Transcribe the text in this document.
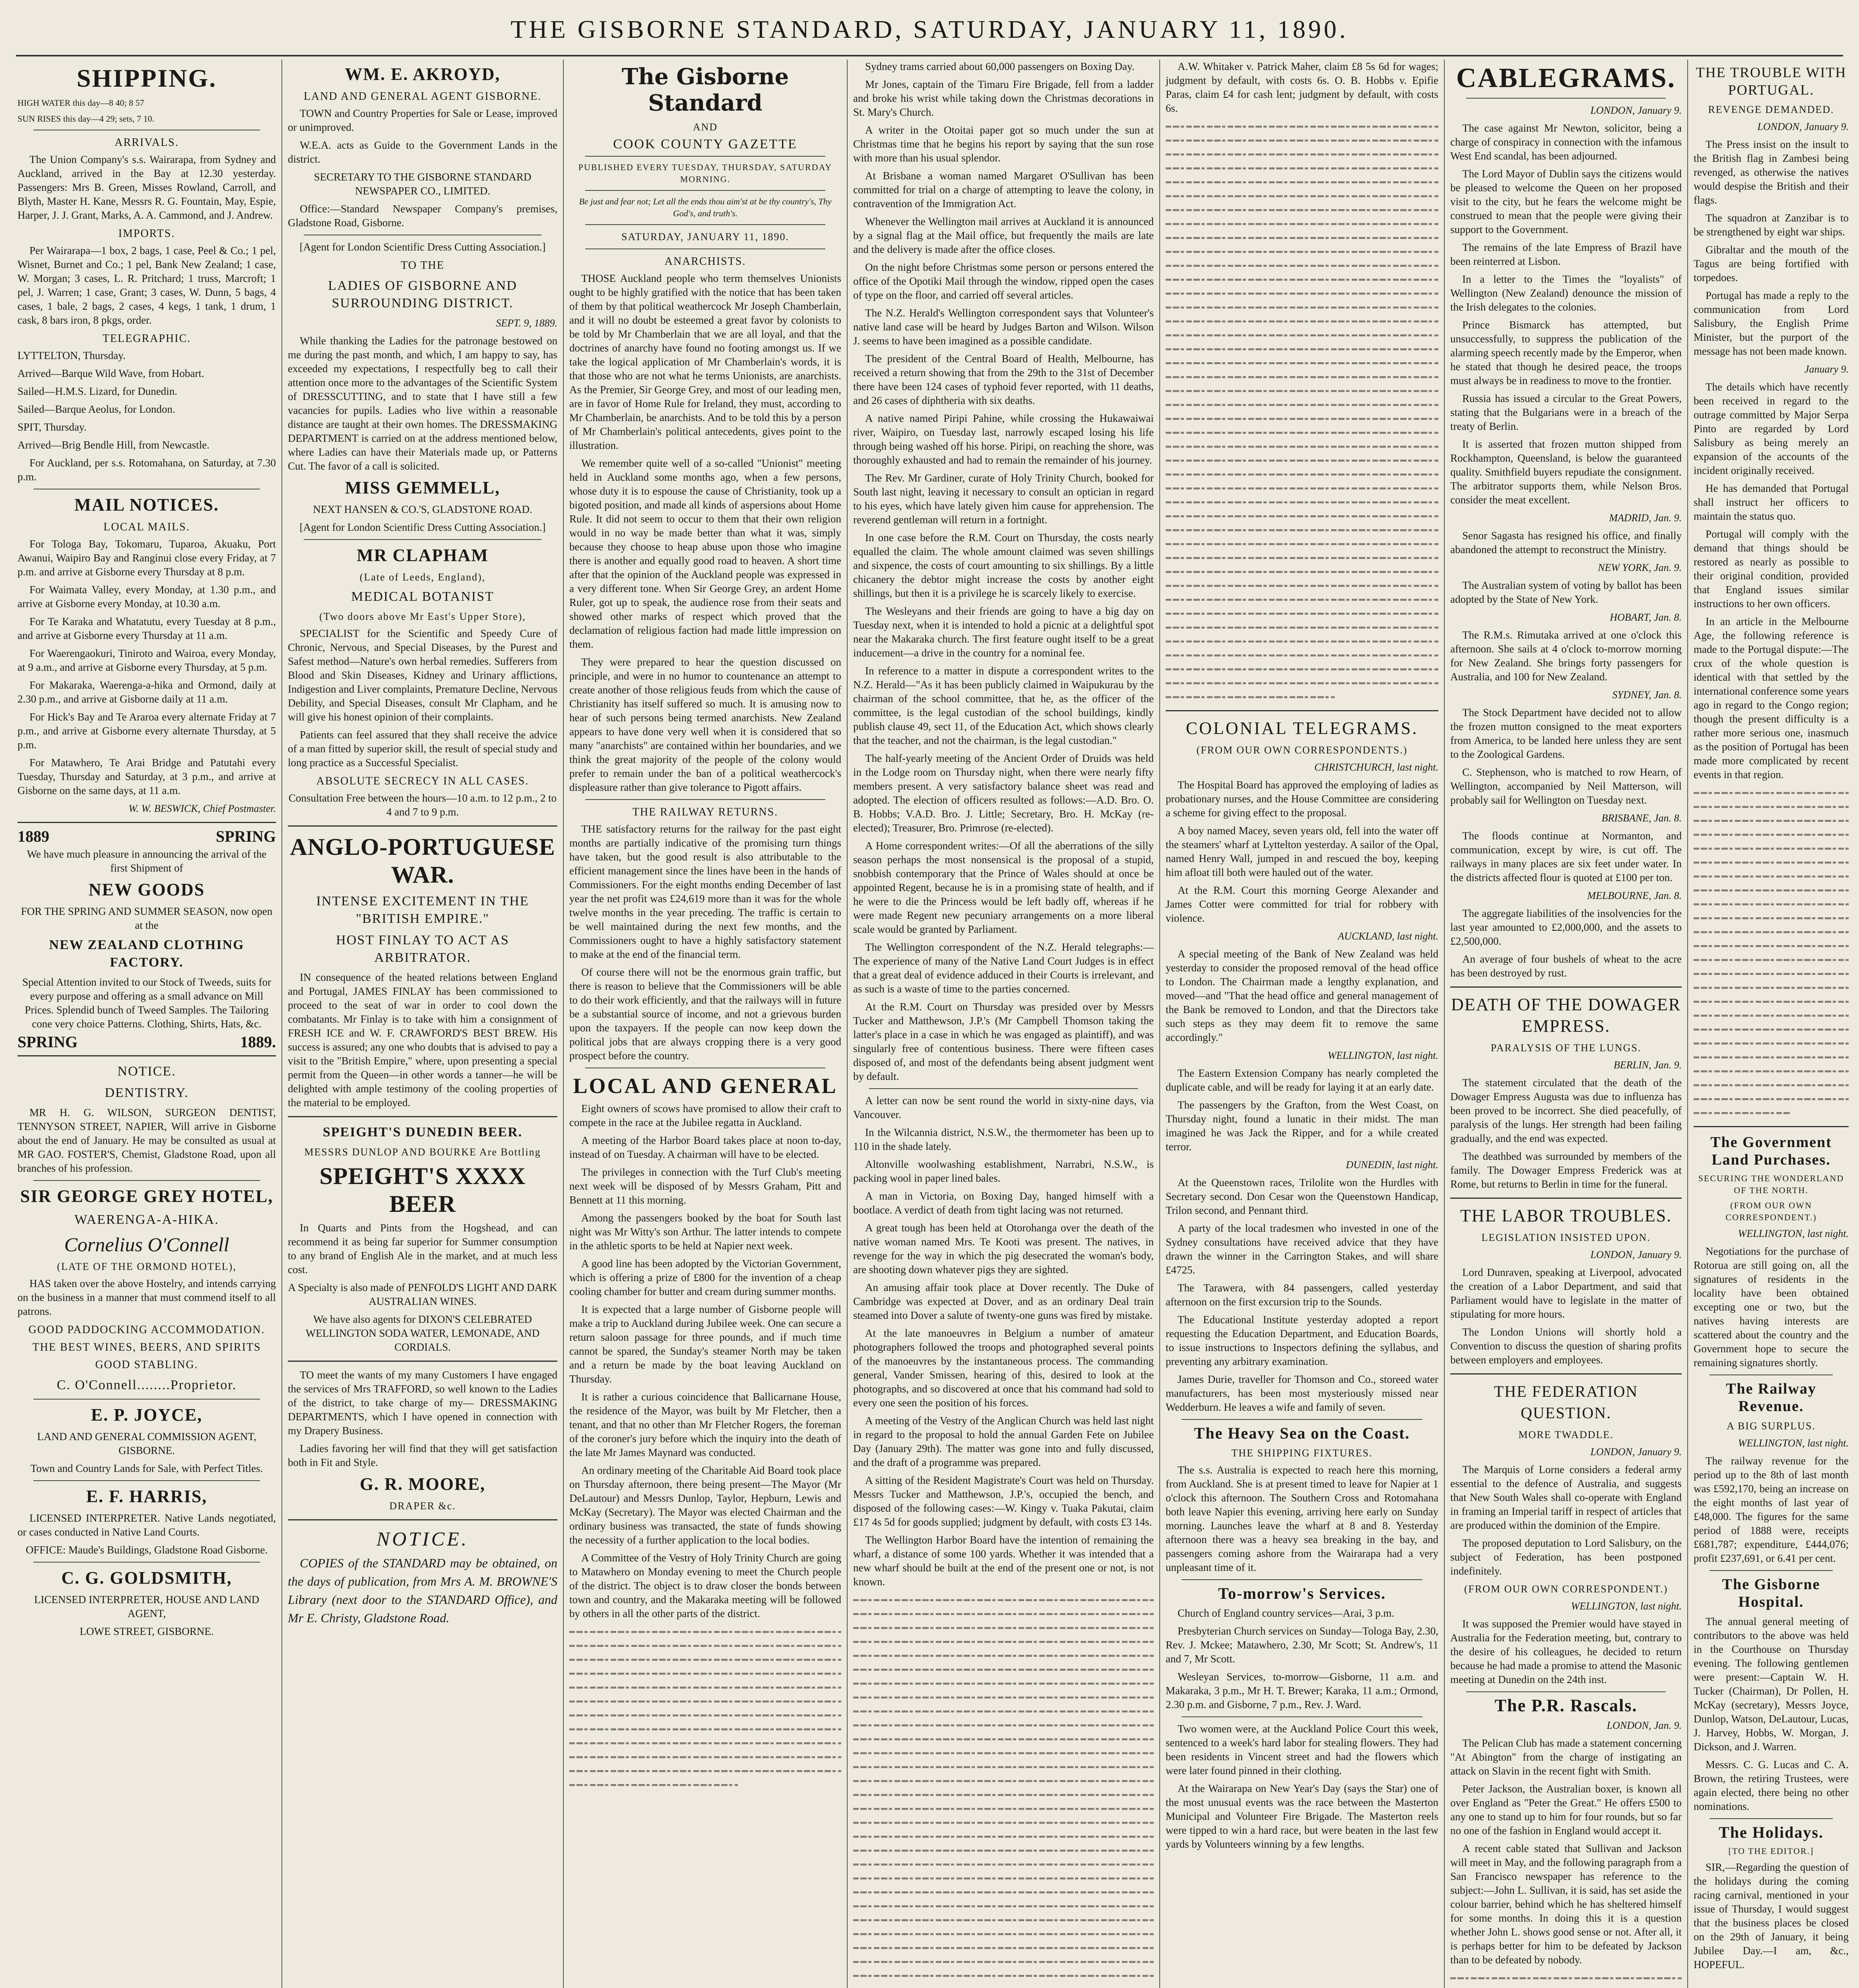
THE GISBORNE STANDARD, SATURDAY, JANUARY 11, 1890.
SHIPPING.

HIGH WATER this day—8 40; 8 57

SUN RISES this day—4 29; sets, 7 10.

ARRIVALS.

The Union Company's s.s. Wairarapa, from Sydney and Auckland, arrived in the Bay at 12.30 yesterday. Passengers: Mrs B. Green, Misses Rowland, Carroll, and Blyth, Master H. Kane, Messrs R. G. Fountain, May, Espie, Harper, J. J. Grant, Marks, A. A. Cammond, and J. Andrew.

IMPORTS.

Per Wairarapa—1 box, 2 bags, 1 case, Peel & Co.; 1 pel, Wisnet, Burnet and Co.; 1 pel, Bank New Zealand; 1 case, W. Morgan; 3 cases, L. R. Pritchard; 1 truss, Marcroft; 1 pel, J. Warren; 1 case, Grant; 3 cases, W. Dunn, 5 bags, 4 cases, 1 bale, 2 bags, 2 cases, 4 kegs, 1 tank, 1 drum, 1 cask, 8 bars iron, 8 pkgs, order.

TELEGRAPHIC.

LYTTELTON, Thursday.

Arrived—Barque Wild Wave, from Hobart.

Sailed—H.M.S. Lizard, for Dunedin.

Sailed—Barque Aeolus, for London.

SPIT, Thursday.

Arrived—Brig Bendle Hill, from Newcastle.

For Auckland, per s.s. Rotomahana, on Saturday, at 7.30 p.m.

MAIL NOTICES.
LOCAL MAILS.

For Tologa Bay, Tokomaru, Tuparoa, Akuaku, Port Awanui, Waipiro Bay and Ranginui close every Friday, at 7 p.m. and arrive at Gisborne every Thursday at 8 p.m.

For Waimata Valley, every Monday, at 1.30 p.m., and arrive at Gisborne every Monday, at 10.30 a.m.

For Te Karaka and Whatatutu, every Tuesday at 8 p.m., and arrive at Gisborne every Thursday at 11 a.m.

For Waerengaokuri, Tiniroto and Wairoa, every Monday, at 9 a.m., and arrive at Gisborne every Thursday, at 5 p.m.

For Makaraka, Waerenga-a-hika and Ormond, daily at 2.30 p.m., and arrive at Gisborne daily at 11 a.m.

For Hick's Bay and Te Araroa every alternate Friday at 7 p.m., and arrive at Gisborne every alternate Thursday, at 5 p.m.

For Matawhero, Te Arai Bridge and Patutahi every Tuesday, Thursday and Saturday, at 3 p.m., and arrive at Gisborne on the same days, at 11 a.m.

W. W. BESWICK, Chief Postmaster.

1889	SPRING

We have much pleasure in announcing the arrival of the first Shipment of

NEW GOODS

FOR THE SPRING AND SUMMER SEASON, now open at the

NEW ZEALAND CLOTHING FACTORY.

Special Attention invited to our Stock of Tweeds, suits for every purpose and offering as a small advance on Mill Prices. Splendid bunch of Tweed Samples. The Tailoring cone very choice Patterns. Clothing, Shirts, Hats, &c.

SPRING	1889.
NOTICE.
DENTISTRY.

MR H. G. WILSON, SURGEON DENTIST, TENNYSON STREET, NAPIER, Will arrive in Gisborne about the end of January. He may be consulted as usual at MR GAO. FOSTER'S, Chemist, Gladstone Road, upon all branches of his profession.

SIR GEORGE GREY HOTEL,
WAERENGA-A-HIKA.
Cornelius O'Connell
(LATE OF THE ORMOND HOTEL),

HAS taken over the above Hostelry, and intends carrying on the business in a manner that must commend itself to all patrons.

GOOD PADDOCKING ACCOMMODATION.
THE BEST WINES, BEERS, AND SPIRITS
GOOD STABLING.
C. O'Connell........Proprietor.
E. P. JOYCE,

LAND AND GENERAL COMMISSION AGENT, GISBORNE.

Town and Country Lands for Sale, with Perfect Titles.

E. F. HARRIS,

LICENSED INTERPRETER. Native Lands negotiated, or cases conducted in Native Land Courts.

OFFICE: Maude's Buildings, Gladstone Road Gisborne.

C. G. GOLDSMITH,

LICENSED INTERPRETER, HOUSE AND LAND AGENT,

LOWE STREET, GISBORNE.

WM. E. AKROYD,
LAND AND GENERAL AGENT GISBORNE.

TOWN and Country Properties for Sale or Lease, improved or unimproved.

W.E.A. acts as Guide to the Government Lands in the district.

SECRETARY TO THE GISBORNE STANDARD NEWSPAPER CO., LIMITED.

Office:—Standard Newspaper Company's premises, Gladstone Road, Gisborne.

[Agent for London Scientific Dress Cutting Association.]

TO THE
LADIES OF GISBORNE AND SURROUNDING DISTRICT.

SEPT. 9, 1889.

While thanking the Ladies for the patronage bestowed on me during the past month, and which, I am happy to say, has exceeded my expectations, I respectfully beg to call their attention once more to the advantages of the Scientific System of DRESSCUTTING, and to state that I have still a few vacancies for pupils. Ladies who live within a reasonable distance are taught at their own homes. The DRESSMAKING DEPARTMENT is carried on at the address mentioned below, where Ladies can have their Materials made up, or Patterns Cut. The favor of a call is solicited.

MISS GEMMELL,

NEXT HANSEN & CO.'S, GLADSTONE ROAD.

[Agent for London Scientific Dress Cutting Association.]

MR CLAPHAM
(Late of Leeds, England),
MEDICAL BOTANIST
(Two doors above Mr East's Upper Store),

SPECIALIST for the Scientific and Speedy Cure of Chronic, Nervous, and Special Diseases, by the Purest and Safest method—Nature's own herbal remedies. Sufferers from Blood and Skin Diseases, Kidney and Urinary afflictions, Indigestion and Liver complaints, Premature Decline, Nervous Debility, and Special Diseases, consult Mr Clapham, and he will give his honest opinion of their complaints.

Patients can feel assured that they shall receive the advice of a man fitted by superior skill, the result of special study and long practice as a Successful Specialist.

ABSOLUTE SECRECY IN ALL CASES.

Consultation Free between the hours—10 a.m. to 12 p.m., 2 to 4 and 7 to 9 p.m.

ANGLO-PORTUGUESE WAR.
INTENSE EXCITEMENT IN THE "BRITISH EMPIRE."
HOST FINLAY TO ACT AS ARBITRATOR.

IN consequence of the heated relations between England and Portugal, JAMES FINLAY has been commissioned to proceed to the seat of war in order to cool down the combatants. Mr Finlay is to take with him a consignment of FRESH ICE and W. F. CRAWFORD'S BEST BREW. His success is assured; any one who doubts that is advised to pay a visit to the "British Empire," where, upon presenting a special permit from the Queen—in other words a tanner—he will be delighted with ample testimony of the cooling properties of the material to be employed.

SPEIGHT'S DUNEDIN BEER.
MESSRS DUNLOP AND BOURKE Are Bottling
SPEIGHT'S XXXX BEER

In Quarts and Pints from the Hogshead, and can recommend it as being far superior for Summer consumption to any brand of English Ale in the market, and at much less cost.

A Specialty is also made of PENFOLD'S LIGHT AND DARK AUSTRALIAN WINES.

We have also agents for DIXON'S CELEBRATED WELLINGTON SODA WATER, LEMONADE, AND CORDIALS.

TO meet the wants of my many Customers I have engaged the services of Mrs TRAFFORD, so well known to the Ladies of the district, to take charge of my— DRESSMAKING DEPARTMENTS, which I have opened in connection with my Drapery Business.

Ladies favoring her will find that they will get satisfaction both in Fit and Style.

G. R. MOORE,
DRAPER &c.
NOTICE.

COPIES of the STANDARD may be obtained, on the days of publication, from Mrs A. M. BROWNE'S Library (next door to the STANDARD Office), and Mr E. Christy, Gladstone Road.

The Gisborne Standard
AND
COOK COUNTY GAZETTE
PUBLISHED EVERY TUESDAY, THURSDAY, SATURDAY MORNING.

Be just and fear not; Let all the ends thou aim'st at be thy country's, Thy God's, and truth's.

SATURDAY, JANUARY 11, 1890.
ANARCHISTS.

THOSE Auckland people who term themselves Unionists ought to be highly gratified with the notice that has been taken of them by that political weathercock Mr Joseph Chamberlain, and it will no doubt be esteemed a great favor by colonists to be told by Mr Chamberlain that we are all loyal, and that the doctrines of anarchy have found no footing amongst us. If we take the logical application of Mr Chamberlain's words, it is that those who are not what he terms Unionists, are anarchists. As the Premier, Sir George Grey, and most of our leading men, are in favor of Home Rule for Ireland, they must, according to Mr Chamberlain, be anarchists. And to be told this by a person of Mr Chamberlain's political antecedents, gives point to the illustration.

We remember quite well of a so-called "Unionist" meeting held in Auckland some months ago, when a few persons, whose duty it is to espouse the cause of Christianity, took up a bigoted position, and made all kinds of aspersions about Home Rule. It did not seem to occur to them that their own religion would in no way be made better than what it was, simply because they choose to heap abuse upon those who imagine there is another and equally good road to heaven. A short time after that the opinion of the Auckland people was expressed in a very different tone. When Sir George Grey, an ardent Home Ruler, got up to speak, the audience rose from their seats and showed other marks of respect which proved that the declamation of religious faction had made little impression on them.

They were prepared to hear the question discussed on principle, and were in no humor to countenance an attempt to create another of those religious feuds from which the cause of Christianity has itself suffered so much. It is amusing now to hear of such persons being termed anarchists. New Zealand appears to have done very well when it is considered that so many "anarchists" are contained within her boundaries, and we think the great majority of the people of the colony would prefer to remain under the ban of a political weathercock's displeasure rather than give tolerance to Pigott affairs.

THE RAILWAY RETURNS.

THE satisfactory returns for the railway for the past eight months are partially indicative of the promising turn things have taken, but the good result is also attributable to the efficient management since the lines have been in the hands of Commissioners. For the eight months ending December of last year the net profit was £24,619 more than it was for the whole twelve months in the year preceding. The traffic is certain to be well maintained during the next few months, and the Commissioners ought to have a highly satisfactory statement to make at the end of the financial term.

Of course there will not be the enormous grain traffic, but there is reason to believe that the Commissioners will be able to do their work efficiently, and that the railways will in future be a substantial source of income, and not a grievous burden upon the taxpayers. If the people can now keep down the political jobs that are always cropping there is a very good prospect before the country.

LOCAL AND GENERAL

Eight owners of scows have promised to allow their craft to compete in the race at the Jubilee regatta in Auckland.

A meeting of the Harbor Board takes place at noon to-day, instead of on Tuesday. A chairman will have to be elected.

The privileges in connection with the Turf Club's meeting next week will be disposed of by Messrs Graham, Pitt and Bennett at 11 this morning.

Among the passengers booked by the boat for South last night was Mr Witty's son Arthur. The latter intends to compete in the athletic sports to be held at Napier next week.

A good line has been adopted by the Victorian Government, which is offering a prize of £800 for the invention of a cheap cooling chamber for butter and cream during summer months.

It is expected that a large number of Gisborne people will make a trip to Auckland during Jubilee week. One can secure a return saloon passage for three pounds, and if much time cannot be spared, the Sunday's steamer North may be taken and a return be made by the boat leaving Auckland on Thursday.

It is rather a curious coincidence that Ballicarnane House, the residence of the Mayor, was built by Mr Fletcher, then a tenant, and that no other than Mr Fletcher Rogers, the foreman of the coroner's jury before which the inquiry into the death of the late Mr James Maynard was conducted.

An ordinary meeting of the Charitable Aid Board took place on Thursday afternoon, there being present—The Mayor (Mr DeLautour) and Messrs Dunlop, Taylor, Hepburn, Lewis and McKay (Secretary). The Mayor was elected Chairman and the ordinary business was transacted, the state of funds showing the necessity of a further application to the local bodies.

A Committee of the Vestry of Holy Trinity Church are going to Matawhero on Monday evening to meet the Church people of the district. The object is to draw closer the bonds between town and country, and the Makaraka meeting will be followed by others in all the other parts of the district.

Sydney trams carried about 60,000 passengers on Boxing Day.

Mr Jones, captain of the Timaru Fire Brigade, fell from a ladder and broke his wrist while taking down the Christmas decorations in St. Mary's Church.

A writer in the Otoitai paper got so much under the sun at Christmas time that he begins his report by saying that the sun rose with more than his usual splendor.

At Brisbane a woman named Margaret O'Sullivan has been committed for trial on a charge of attempting to leave the colony, in contravention of the Immigration Act.

Whenever the Wellington mail arrives at Auckland it is announced by a signal flag at the Mail office, but frequently the mails are late and the delivery is made after the office closes.

On the night before Christmas some person or persons entered the office of the Opotiki Mail through the window, ripped open the cases of type on the floor, and carried off several articles.

The N.Z. Herald's Wellington correspondent says that Volunteer's native land case will be heard by Judges Barton and Wilson. Wilson J. seems to have been imagined as a possible candidate.

The president of the Central Board of Health, Melbourne, has received a return showing that from the 29th to the 31st of December there have been 124 cases of typhoid fever reported, with 11 deaths, and 26 cases of diphtheria with six deaths.

A native named Piripi Pahine, while crossing the Hukawaiwai river, Waipiro, on Tuesday last, narrowly escaped losing his life through being washed off his horse. Piripi, on reaching the shore, was thoroughly exhausted and had to remain the remainder of his journey.

The Rev. Mr Gardiner, curate of Holy Trinity Church, booked for South last night, leaving it necessary to consult an optician in regard to his eyes, which have lately given him cause for apprehension. The reverend gentleman will return in a fortnight.

In one case before the R.M. Court on Thursday, the costs nearly equalled the claim. The whole amount claimed was seven shillings and sixpence, the costs of court amounting to six shillings. By a little chicanery the debtor might increase the costs by another eight shillings, but then it is a privilege he is scarcely likely to exercise.

The Wesleyans and their friends are going to have a big day on Tuesday next, when it is intended to hold a picnic at a delightful spot near the Makaraka church. The first feature ought itself to be a great inducement—a drive in the country for a nominal fee.

In reference to a matter in dispute a correspondent writes to the N.Z. Herald—"As it has been publicly claimed in Waipukurau by the chairman of the school committee, that he, as the officer of the committee, is the legal custodian of the school buildings, kindly publish clause 49, sect 11, of the Education Act, which shows clearly that the teacher, and not the chairman, is the legal custodian."

The half-yearly meeting of the Ancient Order of Druids was held in the Lodge room on Thursday night, when there were nearly fifty members present. A very satisfactory balance sheet was read and adopted. The election of officers resulted as follows:—A.D. Bro. O. B. Hobbs; V.A.D. Bro. J. Little; Secretary, Bro. H. McKay (re-elected); Treasurer, Bro. Primrose (re-elected).

A Home correspondent writes:—Of all the aberrations of the silly season perhaps the most nonsensical is the proposal of a stupid, snobbish contemporary that the Prince of Wales should at once be appointed Regent, because he is in a promising state of health, and if he were to die the Princess would be left badly off, whereas if he were made Regent new pecuniary arrangements on a more liberal scale would be granted by Parliament.

The Wellington correspondent of the N.Z. Herald telegraphs:—The experience of many of the Native Land Court Judges is in effect that a great deal of evidence adduced in their Courts is irrelevant, and as such is a waste of time to the parties concerned.

At the R.M. Court on Thursday was presided over by Messrs Tucker and Matthewson, J.P.'s (Mr Campbell Thomson taking the latter's place in a case in which he was engaged as plaintiff), and was singularly free of contentious business. There were fifteen cases disposed of, and most of the defendants being absent judgment went by default.

A letter can now be sent round the world in sixty-nine days, via Vancouver.

In the Wilcannia district, N.S.W., the thermometer has been up to 110 in the shade lately.

Altonville woolwashing establishment, Narrabri, N.S.W., is packing wool in paper lined bales.

A man in Victoria, on Boxing Day, hanged himself with a bootlace. A verdict of death from tight lacing was not returned.

A great tough has been held at Otorohanga over the death of the native woman named Mrs. Te Kooti was present. The natives, in revenge for the way in which the pig desecrated the woman's body, are shooting down whatever pigs they are sighted.

An amusing affair took place at Dover recently. The Duke of Cambridge was expected at Dover, and as an ordinary Deal train steamed into Dover a salute of twenty-one guns was fired by mistake.

At the late manoeuvres in Belgium a number of amateur photographers followed the troops and photographed several points of the manoeuvres by the instantaneous process. The commanding general, Vander Smissen, hearing of this, desired to look at the photographs, and so discovered at once that his command had sold to every one seen the position of his forces.

A meeting of the Vestry of the Anglican Church was held last night in regard to the proposal to hold the annual Garden Fete on Jubilee Day (January 29th). The matter was gone into and fully discussed, and the draft of a programme was prepared.

A sitting of the Resident Magistrate's Court was held on Thursday. Messrs Tucker and Matthewson, J.P.'s, occupied the bench, and disposed of the following cases:—W. Kingy v. Tuaka Pakutai, claim £17 4s 5d for goods supplied; judgment by default, with costs £3 14s.

The Wellington Harbor Board have the intention of remaining the wharf, a distance of some 100 yards. Whether it was intended that a new wharf should be built at the end of the present one or not, is not known.

A.W. Whitaker v. Patrick Maher, claim £8 5s 6d for wages; judgment by default, with costs 6s. O. B. Hobbs v. Epifie Paras, claim £4 for cash lent; judgment by default, with costs 6s.

COLONIAL TELEGRAMS.
(FROM OUR OWN CORRESPONDENTS.)

CHRISTCHURCH, last night.

The Hospital Board has approved the employing of ladies as probationary nurses, and the House Committee are considering a scheme for giving effect to the proposal.

A boy named Macey, seven years old, fell into the water off the steamers' wharf at Lyttelton yesterday. A sailor of the Opal, named Henry Wall, jumped in and rescued the boy, keeping him afloat till both were hauled out of the water.

At the R.M. Court this morning George Alexander and James Cotter were committed for trial for robbery with violence.

AUCKLAND, last night.

A special meeting of the Bank of New Zealand was held yesterday to consider the proposed removal of the head office to London. The Chairman made a lengthy explanation, and moved—and "That the head office and general management of the Bank be removed to London, and that the Directors take such steps as they may deem fit to remove the same accordingly."

WELLINGTON, last night.

The Eastern Extension Company has nearly completed the duplicate cable, and will be ready for laying it at an early date.

The passengers by the Grafton, from the West Coast, on Thursday night, found a lunatic in their midst. The man imagined he was Jack the Ripper, and for a while created terror.

DUNEDIN, last night.

At the Queenstown races, Trilolite won the Hurdles with Secretary second. Don Cesar won the Queenstown Handicap, Trilon second, and Pennant third.

A party of the local tradesmen who invested in one of the Sydney consultations have received advice that they have drawn the winner in the Carrington Stakes, and will share £4725.

The Tarawera, with 84 passengers, called yesterday afternoon on the first excursion trip to the Sounds.

The Educational Institute yesterday adopted a report requesting the Education Department, and Education Boards, to issue instructions to Inspectors defining the syllabus, and preventing any arbitrary examination.

James Durie, traveller for Thomson and Co., storeed water manufacturers, has been most mysteriously missed near Wedderburn. He leaves a wife and family of seven.

The Heavy Sea on the Coast.
THE SHIPPING FIXTURES.

The s.s. Australia is expected to reach here this morning, from Auckland. She is at present timed to leave for Napier at 1 o'clock this afternoon. The Southern Cross and Rotomahana both leave Napier this evening, arriving here early on Sunday morning. Launches leave the wharf at 8 and 8. Yesterday afternoon there was a heavy sea breaking in the bay, and passengers coming ashore from the Wairarapa had a very unpleasant time of it.

To-morrow's Services.

Church of England country services—Arai, 3 p.m.

Presbyterian Church services on Sunday—Tologa Bay, 2.30, Rev. J. Mckee; Matawhero, 2.30, Mr Scott; St. Andrew's, 11 and 7, Mr Scott.

Wesleyan Services, to-morrow—Gisborne, 11 a.m. and Makaraka, 3 p.m., Mr H. T. Brewer; Karaka, 11 a.m.; Ormond, 2.30 p.m. and Gisborne, 7 p.m., Rev. J. Ward.

Two women were, at the Auckland Police Court this week, sentenced to a week's hard labor for stealing flowers. They had been residents in Vincent street and had the flowers which were later found pinned in their clothing.

At the Wairarapa on New Year's Day (says the Star) one of the most unusual events was the race between the Masterton Municipal and Volunteer Fire Brigade. The Masterton reels were tipped to win a hard race, but were beaten in the last few yards by Volunteers winning by a few lengths.

CABLEGRAMS.

LONDON, January 9.

The case against Mr Newton, solicitor, being a charge of conspiracy in connection with the infamous West End scandal, has been adjourned.

The Lord Mayor of Dublin says the citizens would be pleased to welcome the Queen on her proposed visit to the city, but he fears the welcome might be construed to mean that the people were giving their support to the Government.

The remains of the late Empress of Brazil have been reinterred at Lisbon.

In a letter to the Times the "loyalists" of Wellington (New Zealand) denounce the mission of the Irish delegates to the colonies.

Prince Bismarck has attempted, but unsuccessfully, to suppress the publication of the alarming speech recently made by the Emperor, when he stated that though he desired peace, the troops must always be in readiness to move to the frontier.

Russia has issued a circular to the Great Powers, stating that the Bulgarians were in a breach of the treaty of Berlin.

It is asserted that frozen mutton shipped from Rockhampton, Queensland, is below the guaranteed quality. Smithfield buyers repudiate the consignment. The arbitrator supports them, while Nelson Bros. consider the meat excellent.

MADRID, Jan. 9.

Senor Sagasta has resigned his office, and finally abandoned the attempt to reconstruct the Ministry.

NEW YORK, Jan. 9.

The Australian system of voting by ballot has been adopted by the State of New York.

HOBART, Jan. 8.

The R.M.s. Rimutaka arrived at one o'clock this afternoon. She sails at 4 o'clock to-morrow morning for New Zealand. She brings forty passengers for Australia, and 100 for New Zealand.

SYDNEY, Jan. 8.

The Stock Department have decided not to allow the frozen mutton consigned to the meat exporters from America, to be landed here unless they are sent to the Zoological Gardens.

C. Stephenson, who is matched to row Hearn, of Wellington, accompanied by Neil Matterson, will probably sail for Wellington on Tuesday next.

BRISBANE, Jan. 8.

The floods continue at Normanton, and communication, except by wire, is cut off. The railways in many places are six feet under water. In the districts affected flour is quoted at £100 per ton.

MELBOURNE, Jan. 8.

The aggregate liabilities of the insolvencies for the last year amounted to £2,000,000, and the assets to £2,500,000.

An average of four bushels of wheat to the acre has been destroyed by rust.

DEATH OF THE DOWAGER EMPRESS.
PARALYSIS OF THE LUNGS.

BERLIN, Jan. 9.

The statement circulated that the death of the Dowager Empress Augusta was due to influenza has been proved to be incorrect. She died peacefully, of paralysis of the lungs. Her strength had been failing gradually, and the end was expected.

The deathbed was surrounded by members of the family. The Dowager Empress Frederick was at Rome, but returns to Berlin in time for the funeral.

THE LABOR TROUBLES.
LEGISLATION INSISTED UPON.

LONDON, January 9.

Lord Dunraven, speaking at Liverpool, advocated the creation of a Labor Department, and said that Parliament would have to legislate in the matter of stipulating for more hours.

The London Unions will shortly hold a Convention to discuss the question of sharing profits between employers and employees.

THE FEDERATION QUESTION.
MORE TWADDLE.

LONDON, January 9.

The Marquis of Lorne considers a federal army essential to the defence of Australia, and suggests that New South Wales shall co-operate with England in framing an Imperial tariff in respect of articles that are produced within the dominion of the Empire.

The proposed deputation to Lord Salisbury, on the subject of Federation, has been postponed indefinitely.

(FROM OUR OWN CORRESPONDENT.)

WELLINGTON, last night.

It was supposed the Premier would have stayed in Australia for the Federation meeting, but, contrary to the desire of his colleagues, he decided to return because he had made a promise to attend the Masonic meeting at Dunedin on the 24th inst.

The P.R. Rascals.

LONDON, Jan. 9.

The Pelican Club has made a statement concerning "At Abington" from the charge of instigating an attack on Slavin in the recent fight with Smith.

Peter Jackson, the Australian boxer, is known all over England as "Peter the Great." He offers £500 to any one to stand up to him for four rounds, but so far no one of the fashion in England would accept it.

A recent cable stated that Sullivan and Jackson will meet in May, and the following paragraph from a San Francisco newspaper has reference to the subject:—John L. Sullivan, it is said, has set aside the colour barrier, behind which he has sheltered himself for some months. In doing this it is a question whether John L. shows good sense or not. After all, it is perhaps better for him to be defeated by Jackson than to be defeated by nobody.

THE TROUBLE WITH PORTUGAL.
REVENGE DEMANDED.

LONDON, January 9.

The Press insist on the insult to the British flag in Zambesi being revenged, as otherwise the natives would despise the British and their flags.

The squadron at Zanzibar is to be strengthened by eight war ships.

Gibraltar and the mouth of the Tagus are being fortified with torpedoes.

Portugal has made a reply to the communication from Lord Salisbury, the English Prime Minister, but the purport of the message has not been made known.

January 9.

The details which have recently been received in regard to the outrage committed by Major Serpa Pinto are regarded by Lord Salisbury as being merely an expansion of the accounts of the incident originally received.

He has demanded that Portugal shall instruct her officers to maintain the status quo.

Portugal will comply with the demand that things should be restored as nearly as possible to their original condition, provided that England issues similar instructions to her own officers.

In an article in the Melbourne Age, the following reference is made to the Portugal dispute:—The crux of the whole question is identical with that settled by the international conference some years ago in regard to the Congo region; though the present difficulty is a rather more serious one, inasmuch as the position of Portugal has been made more complicated by recent events in that region.

The Government Land Purchases.
SECURING THE WONDERLAND OF THE NORTH.
(FROM OUR OWN CORRESPONDENT.)

WELLINGTON, last night.

Negotiations for the purchase of Rotorua are still going on, all the signatures of residents in the locality have been obtained excepting one or two, but the natives having interests are scattered about the country and the Government hope to secure the remaining signatures shortly.

The Railway Revenue.
A BIG SURPLUS.

WELLINGTON, last night.

The railway revenue for the period up to the 8th of last month was £592,170, being an increase on the eight months of last year of £48,000. The figures for the same period of 1888 were, receipts £681,787; expenditure, £444,076; profit £237,691, or 6.41 per cent.

The Gisborne Hospital.

The annual general meeting of contributors to the above was held in the Courthouse on Thursday evening. The following gentlemen were present:—Captain W. H. Tucker (Chairman), Dr Pollen, H. McKay (secretary), Messrs Joyce, Dunlop, Watson, DeLautour, Lucas, J. Harvey, Hobbs, W. Morgan, J. Dickson, and J. Warren.

Messrs. C. G. Lucas and C. A. Brown, the retiring Trustees, were again elected, there being no other nominations.

The Holidays.
[TO THE EDITOR.]

SIR,—Regarding the question of the holidays during the coming racing carnival, mentioned in your issue of Thursday, I would suggest that the business places be closed on the 29th of January, it being Jubilee Day.—I am, &c., HOPEFUL.
